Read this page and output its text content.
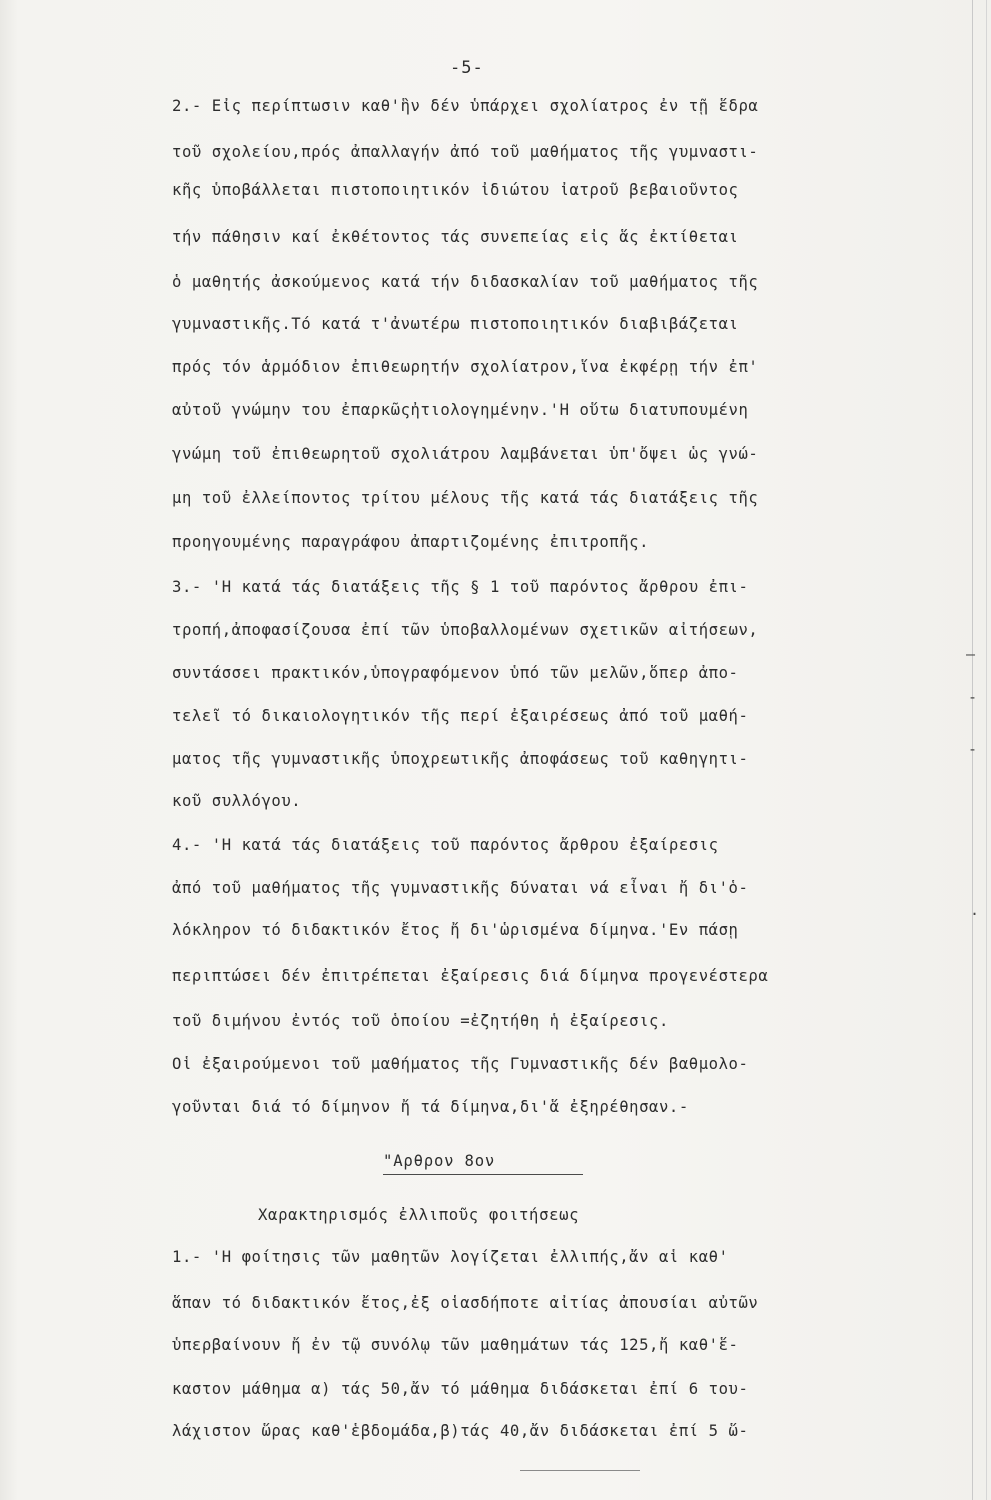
-5-
2.- Εἰς περίπτωσιν καθ'ἣν δέν ὑπάρχει σχολίατρος ἐν τῇ ἕδρα
τοῦ σχολείου,πρός ἀπαλλαγήν ἀπό τοῦ μαθήματος τῆς γυμναστι-
κῆς ὑποβάλλεται πιστοποιητικόν ἰδιώτου ἰατροῦ βεβαιοῦντος
τήν πάθησιν καί ἐκθέτοντος τάς συνεπείας εἰς ἅς ἐκτίθεται
ὁ μαθητής ἀσκούμενος κατά τήν διδασκαλίαν τοῦ μαθήματος τῆς
γυμναστικῆς.Τό κατά τ'ἀνωτέρω πιστοποιητικόν διαβιβάζεται
πρός τόν ἁρμόδιον ἐπιθεωρητήν σχολίατρον,ἵνα ἐκφέρῃ τήν ἐπ'
αὐτοῦ γνώμην του ἐπαρκῶςἠτιολογημένην.'Η οὕτω διατυπουμένη
γνώμη τοῦ ἐπιθεωρητοῦ σχολιάτρου λαμβάνεται ὑπ'ὄψει ὡς γνώ-
μη τοῦ ἐλλείποντος τρίτου μέλους τῆς κατά τάς διατάξεις τῆς
προηγουμένης παραγράφου ἀπαρτιζομένης ἐπιτροπῆς.
3.- 'Η κατά τάς διατάξεις τῆς § 1 τοῦ παρόντος ἄρθρου ἐπι-
τροπή,ἀποφασίζουσα ἐπί τῶν ὑποβαλλομένων σχετικῶν αἰτήσεων,
συντάσσει πρακτικόν,ὑπογραφόμενον ὑπό τῶν μελῶν,ὅπερ ἀπο-
τελεῖ τό δικαιολογητικόν τῆς περί ἐξαιρέσεως ἀπό τοῦ μαθή-
ματος τῆς γυμναστικῆς ὑποχρεωτικῆς ἀποφάσεως τοῦ καθηγητι-
κοῦ συλλόγου.
4.- 'Η κατά τάς διατάξεις τοῦ παρόντος ἄρθρου ἐξαίρεσις
ἀπό τοῦ μαθήματος τῆς γυμναστικῆς δύναται νά εἶναι ἤ δι'ὁ-
λόκληρον τό διδακτικόν ἔτος ἤ δι'ὡρισμένα δίμηνα.'Εν πάσῃ
περιπτώσει δέν ἐπιτρέπεται ἐξαίρεσις διά δίμηνα προγενέστερα
τοῦ διμήνου ἐντός τοῦ ὁποίου =ἐζητήθη ἡ ἐξαίρεσις.
Οἱ ἐξαιρούμενοι τοῦ μαθήματος τῆς Γυμναστικῆς δέν βαθμολο-
γοῦνται διά τό δίμηνον ἤ τά δίμηνα,δι'ἅ ἐξηρέθησαν.-
"Αρθρον 8ον
Χαρακτηρισμός ἐλλιποῦς φοιτήσεως
1.- 'Η φοίτησις τῶν μαθητῶν λογίζεται ἐλλιπής,ἄν αἱ καθ'
ἅπαν τό διδακτικόν ἔτος,ἐξ οἱασδήποτε αἰτίας ἀπουσίαι αὐτῶν
ὑπερβαίνουν ἤ ἐν τῷ συνόλῳ τῶν μαθημάτων τάς 125,ἤ καθ'ἕ-
καστον μάθημα α) τάς 50,ἄν τό μάθημα διδάσκεται ἐπί 6 του-
λάχιστον ὥρας καθ'ἑβδομάδα,β)τάς 40,ἄν διδάσκεται ἐπί 5 ὥ-
—
-
-
·
